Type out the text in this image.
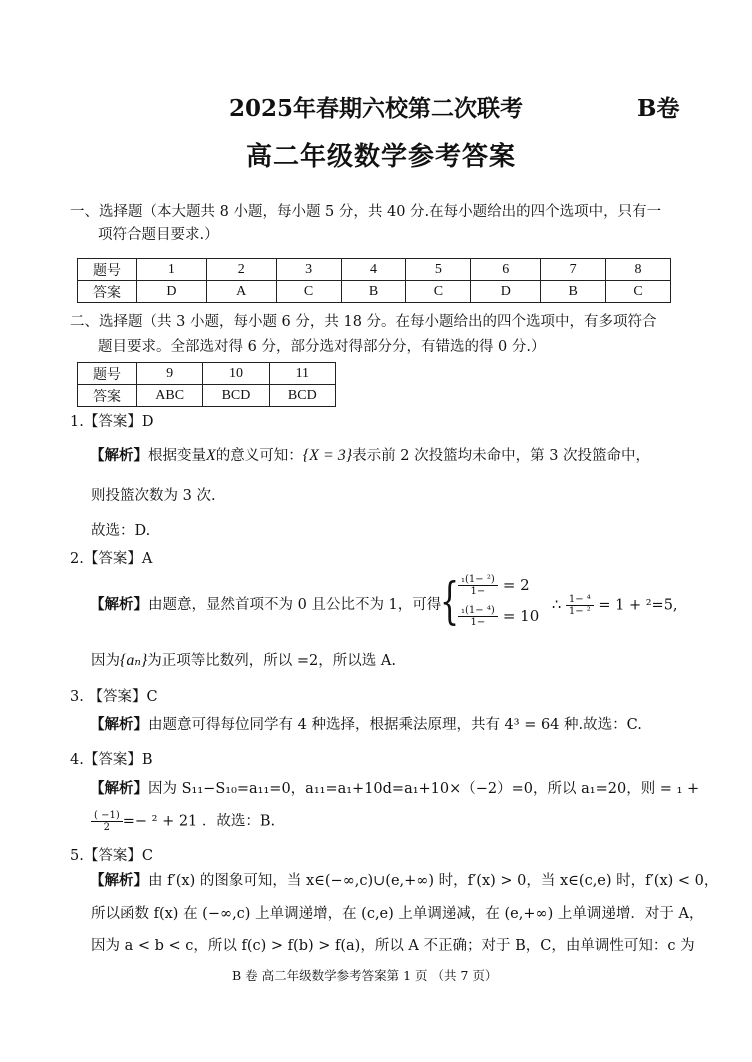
2025年春期六校第二次联考	B卷
高二年级数学参考答案
一、选择题（本大题共 8 小题，每小题 5 分，共 40 分.在每小题给出的四个选项中，只有一
项符合题目要求.）
题号	1	2	3	4	5	6	7	8
答案	D	A	C	B	C	D	B	C
二、选择题（共 3 小题，每小题 6 分，共 18 分。在每小题给出的四个选项中，有多项符合
题目要求。全部选对得 6 分，部分选对得部分分，有错选的得 0 分.）
题号	9	10	11
答案	ABC	BCD	BCD
1.【答案】D
【解析】根据变量X的意义可知：{X = 3}表示前 2 次投篮均未命中，第 3 次投篮命中，
则投篮次数为 3 次.
故选：D.
2.【答案】A
【解析】由题意，显然首项不为 0 且公比不为 1，可得
{
$\frac{\text{₁(1− ²)}}{1-} = 2$
$\frac{\text{₁(1− ⁴)}}{1-} = 10$
∴ $\frac{\text{1− ⁴}}{\text{1− ²}} = 1 + ^2=5$,
因为{aₙ}为正项等比数列，所以 =2，所以选 A.
3. 【答案】C
【解析】由题意可得每位同学有 4 种选择，根据乘法原理，共有 4³ = 64 种.故选：C.
4.【答案】B
【解析】因为 S₁₁−S₁₀=a₁₁=0，a₁₁=a₁+10d=a₁+10×（−2）=0，所以 a₁=20，则 = ₁ +
$\frac{( -1)}{2} =- ^2 + 21$ ．故选：B.
5.【答案】C
【解析】由 f′(x) 的图象可知，当 x∈(−∞,c)∪(e,+∞) 时，f′(x) > 0，当 x∈(c,e) 时，f′(x) < 0，
所以函数 f(x) 在 (−∞,c) 上单调递增，在 (c,e) 上单调递减，在 (e,+∞) 上单调递增．对于 A，
因为 a < b < c，所以 f(c) > f(b) > f(a)，所以 A 不正确；对于 B，C，由单调性可知：c 为
B 卷 高二年级数学参考答案第 1 页 （共 7 页）
